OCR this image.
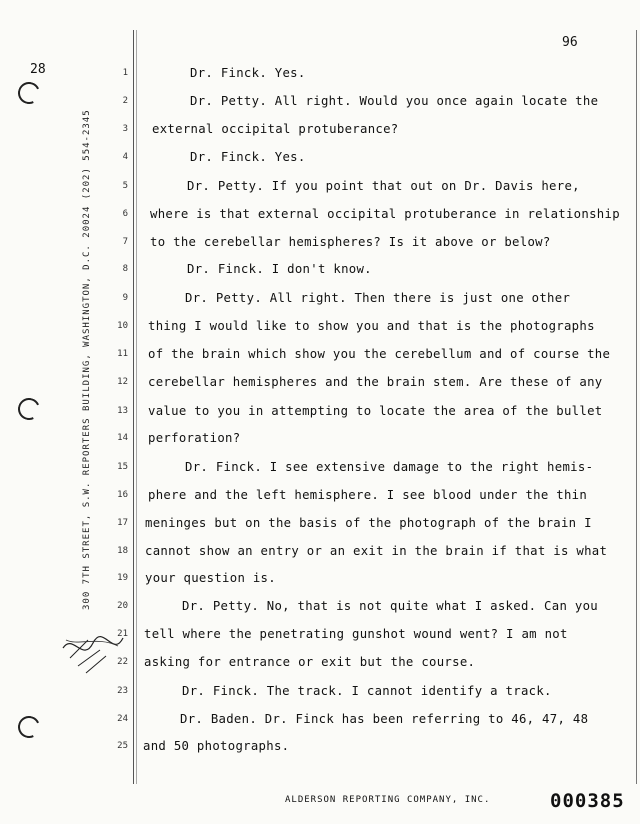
96
28
300 7TH STREET, S.W. REPORTERS BUILDING, WASHINGTON, D.C. 20024 (202) 554-2345
1	Dr. Finck. Yes.
2	Dr. Petty. All right. Would you once again locate the
3 external occipital protuberance?
4	Dr. Finck. Yes.
5	Dr. Petty. If you point that out on Dr. Davis here,
6 where is that external occipital protuberance in relationship
7 to the cerebellar hemispheres? Is it above or below?
8	Dr. Finck. I don't know.
9	Dr. Petty. All right. Then there is just one other
10 thing I would like to show you and that is the photographs
11 of the brain which show you the cerebellum and of course the
12 cerebellar hemispheres and the brain stem. Are these of any
13 value to you in attempting to locate the area of the bullet
14 perforation?
15	Dr. Finck. I see extensive damage to the right hemis-
16 phere and the left hemisphere. I see blood under the thin
17 meninges but on the basis of the photograph of the brain I
18 cannot show an entry or an exit in the brain if that is what
19 your question is.
20	Dr. Petty. No, that is not quite what I asked. Can you
21 tell where the penetrating gunshot wound went? I am not
22 asking for entrance or exit but the course.
23	Dr. Finck. The track. I cannot identify a track.
24	Dr. Baden. Dr. Finck has been referring to 46, 47, 48
25 and 50 photographs.
ALDERSON REPORTING COMPANY, INC.	000385
